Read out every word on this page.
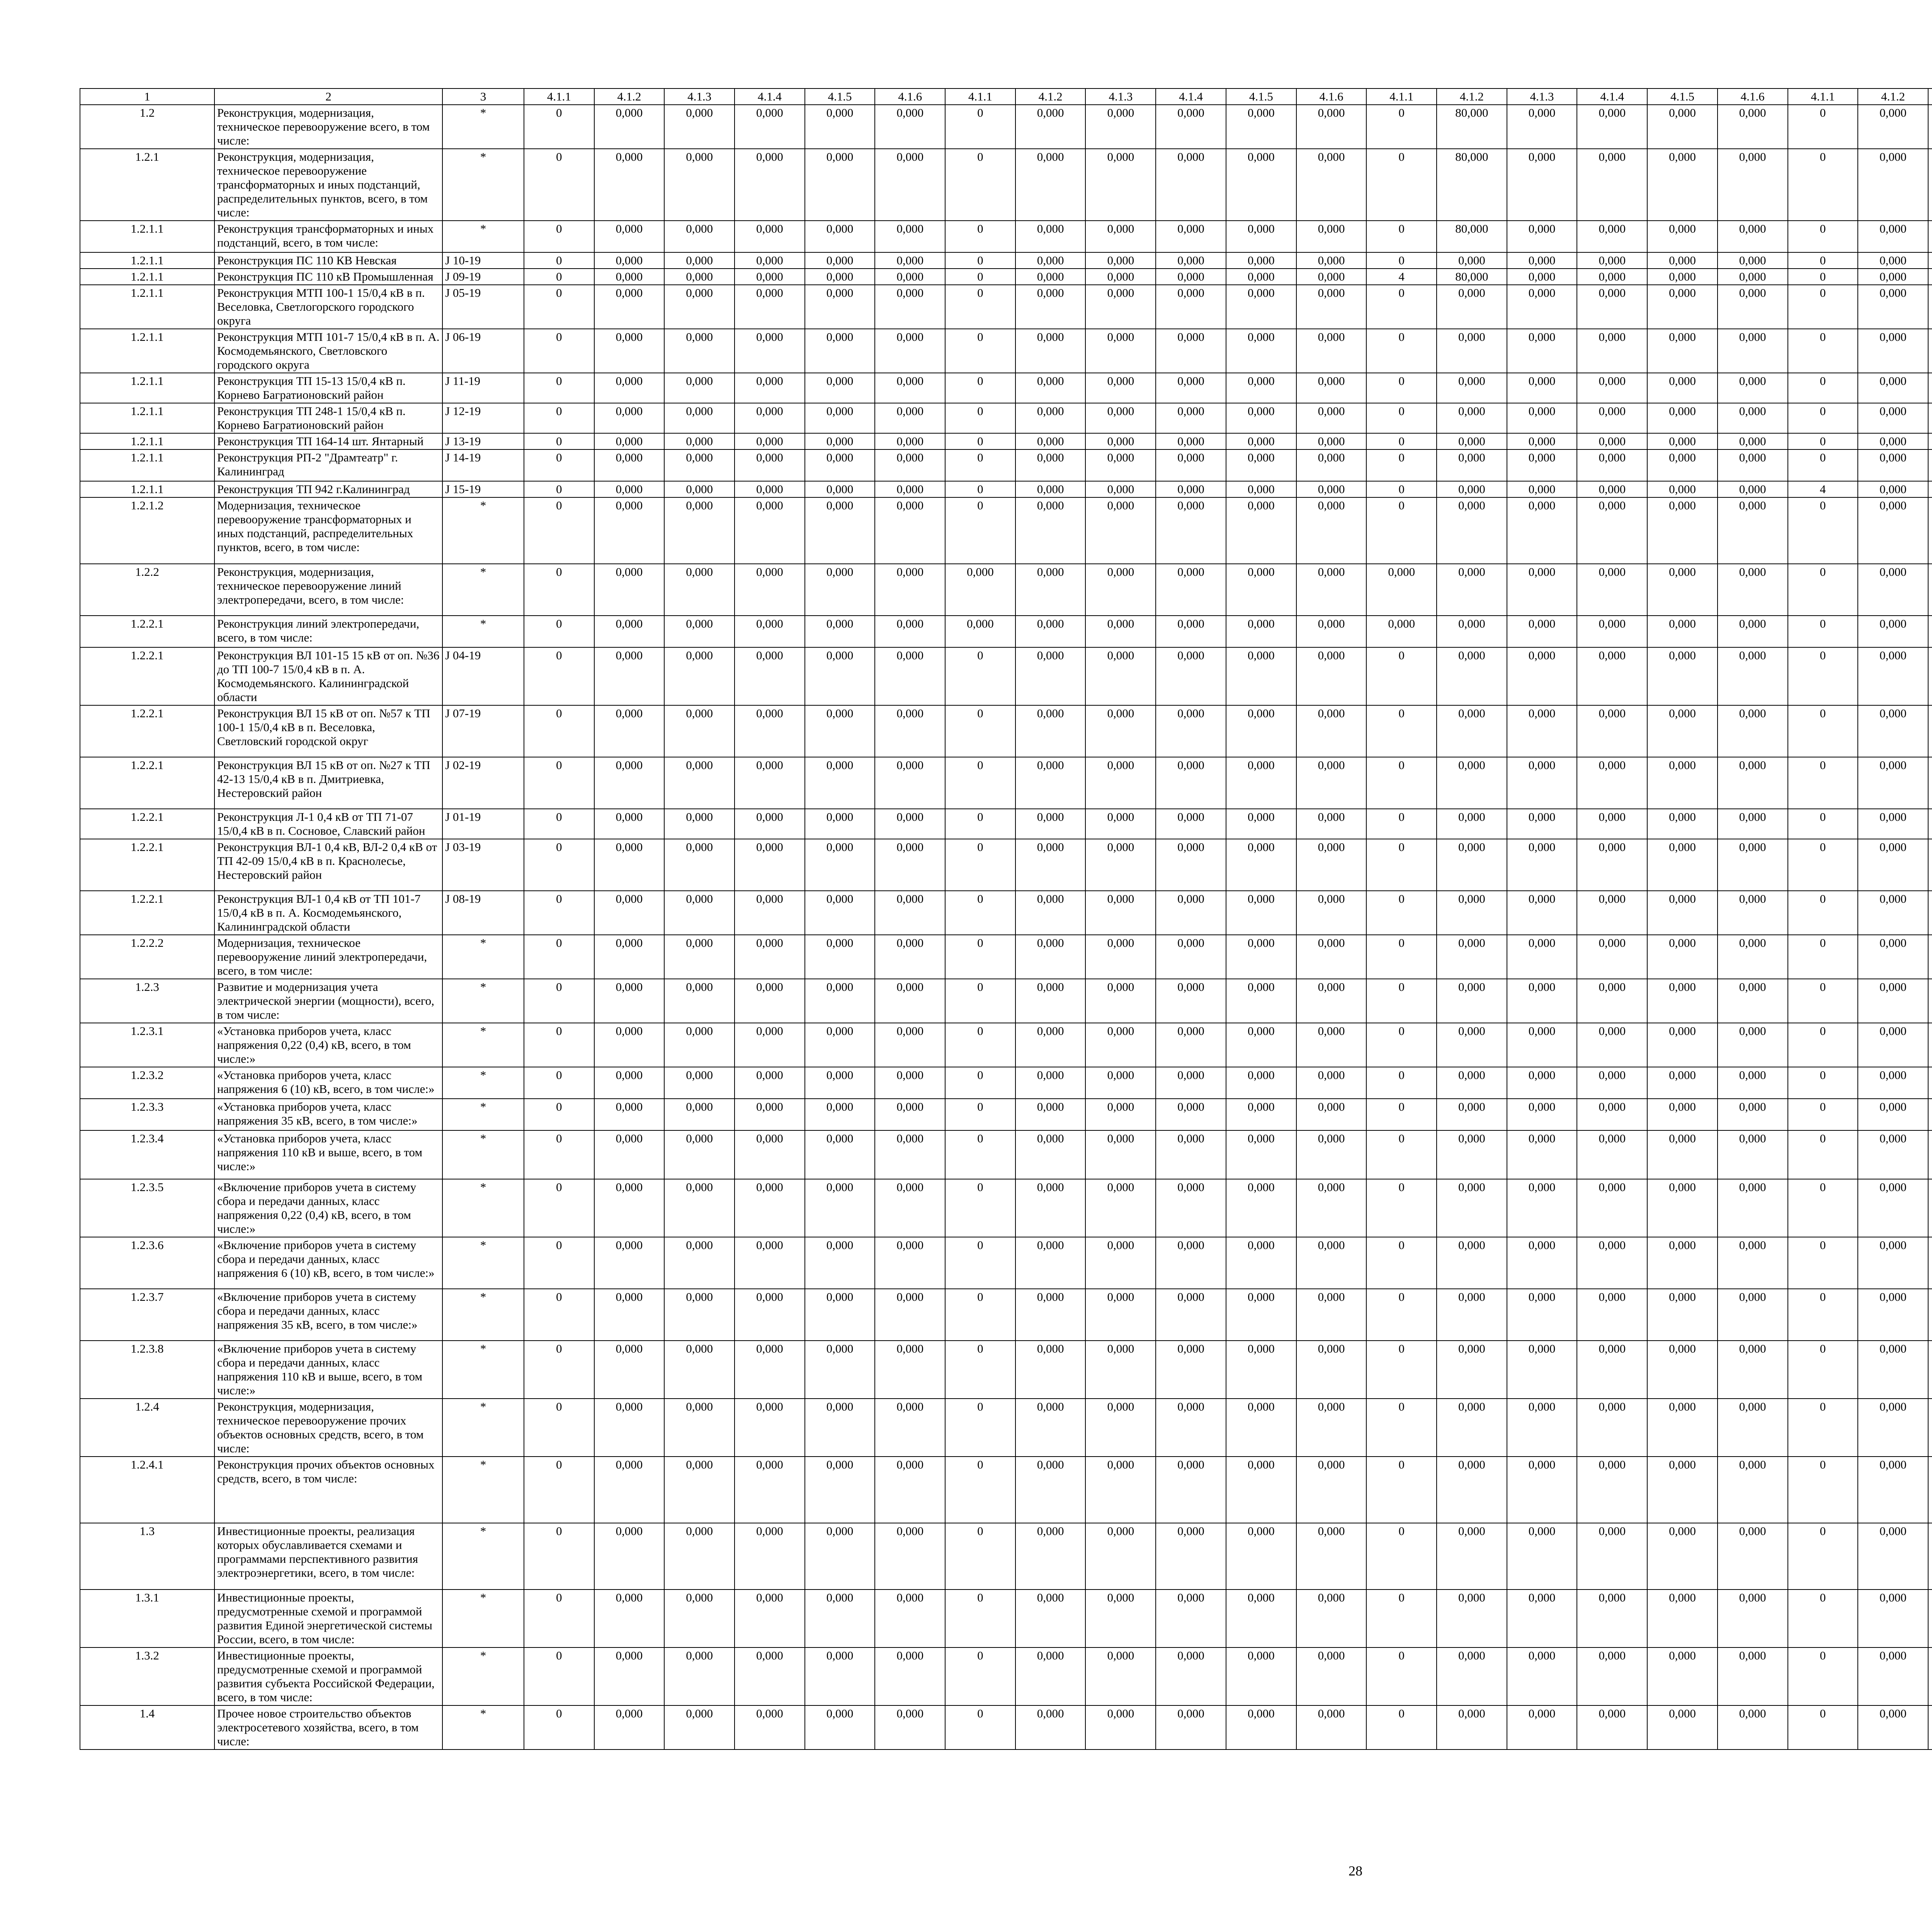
1	2	3	4.1.1	4.1.2	4.1.3	4.1.4	4.1.5	4.1.6	4.1.1	4.1.2	4.1.3	4.1.4	4.1.5	4.1.6	4.1.1	4.1.2	4.1.3	4.1.4	4.1.5	4.1.6	4.1.1	4.1.2										
1.2	Реконструкция, модернизация, техническое перевооружение всего, в том числе:	*	0	0,000	0,000	0,000	0,000	0,000	0	0,000	0,000	0,000	0,000	0,000	0	80,000	0,000	0,000	0,000	0,000	0	0,000										
1.2.1	Реконструкция, модернизация, техническое перевооружение трансформаторных и иных подстанций, распределительных пунктов, всего, в том числе:	*	0	0,000	0,000	0,000	0,000	0,000	0	0,000	0,000	0,000	0,000	0,000	0	80,000	0,000	0,000	0,000	0,000	0	0,000										
1.2.1.1	Реконструкция трансформаторных и иных подстанций, всего, в том числе:	*	0	0,000	0,000	0,000	0,000	0,000	0	0,000	0,000	0,000	0,000	0,000	0	80,000	0,000	0,000	0,000	0,000	0	0,000										
1.2.1.1	Реконструкция ПС 110 КВ Невская	J 10-19	0	0,000	0,000	0,000	0,000	0,000	0	0,000	0,000	0,000	0,000	0,000	0	0,000	0,000	0,000	0,000	0,000	0	0,000										
1.2.1.1	Реконструкция ПС 110 кВ Промышленная	J 09-19	0	0,000	0,000	0,000	0,000	0,000	0	0,000	0,000	0,000	0,000	0,000	4	80,000	0,000	0,000	0,000	0,000	0	0,000										
1.2.1.1	Реконструкция МТП 100-1 15/0,4 кВ в п. Веселовка, Светлогорского городского округа	J 05-19	0	0,000	0,000	0,000	0,000	0,000	0	0,000	0,000	0,000	0,000	0,000	0	0,000	0,000	0,000	0,000	0,000	0	0,000										
1.2.1.1	Реконструкция МТП 101-7 15/0,4 кВ в п. А. Космодемьянского, Светловского городского округа	J 06-19	0	0,000	0,000	0,000	0,000	0,000	0	0,000	0,000	0,000	0,000	0,000	0	0,000	0,000	0,000	0,000	0,000	0	0,000										
1.2.1.1	Реконструкция ТП 15-13 15/0,4 кВ п. Корнево Багратионовский район	J 11-19	0	0,000	0,000	0,000	0,000	0,000	0	0,000	0,000	0,000	0,000	0,000	0	0,000	0,000	0,000	0,000	0,000	0	0,000										
1.2.1.1	Реконструкция ТП 248-1 15/0,4 кВ п. Корнево Багратионовский район	J 12-19	0	0,000	0,000	0,000	0,000	0,000	0	0,000	0,000	0,000	0,000	0,000	0	0,000	0,000	0,000	0,000	0,000	0	0,000										
1.2.1.1	Реконструкция ТП 164-14 шт. Янтарный	J 13-19	0	0,000	0,000	0,000	0,000	0,000	0	0,000	0,000	0,000	0,000	0,000	0	0,000	0,000	0,000	0,000	0,000	0	0,000										
1.2.1.1	Реконструкция РП-2 "Драмтеатр" г. Калининград	J 14-19	0	0,000	0,000	0,000	0,000	0,000	0	0,000	0,000	0,000	0,000	0,000	0	0,000	0,000	0,000	0,000	0,000	0	0,000										
1.2.1.1	Реконструкция ТП 942 г.Калининград	J 15-19	0	0,000	0,000	0,000	0,000	0,000	0	0,000	0,000	0,000	0,000	0,000	0	0,000	0,000	0,000	0,000	0,000	4	0,000										
1.2.1.2	Модернизация, техническое перевооружение трансформаторных и иных подстанций, распределительных пунктов, всего, в том числе:	*	0	0,000	0,000	0,000	0,000	0,000	0	0,000	0,000	0,000	0,000	0,000	0	0,000	0,000	0,000	0,000	0,000	0	0,000										
1.2.2	Реконструкция, модернизация, техническое перевооружение линий электропередачи, всего, в том числе:	*	0	0,000	0,000	0,000	0,000	0,000	0,000	0,000	0,000	0,000	0,000	0,000	0,000	0,000	0,000	0,000	0,000	0,000	0	0,000										
1.2.2.1	Реконструкция линий электропередачи, всего, в том числе:	*	0	0,000	0,000	0,000	0,000	0,000	0,000	0,000	0,000	0,000	0,000	0,000	0,000	0,000	0,000	0,000	0,000	0,000	0	0,000										
1.2.2.1	Реконструкция ВЛ 101-15 15 кВ от оп. №36 до ТП 100-7 15/0,4 кВ в п. А. Космодемьянского. Калининградской области	J 04-19	0	0,000	0,000	0,000	0,000	0,000	0	0,000	0,000	0,000	0,000	0,000	0	0,000	0,000	0,000	0,000	0,000	0	0,000										
1.2.2.1	Реконструкция ВЛ 15 кВ от оп. №57 к ТП 100-1 15/0,4 кВ в п. Веселовка, Светловский городской округ	J 07-19	0	0,000	0,000	0,000	0,000	0,000	0	0,000	0,000	0,000	0,000	0,000	0	0,000	0,000	0,000	0,000	0,000	0	0,000										
1.2.2.1	Реконструкция ВЛ 15 кВ от оп. №27 к ТП 42-13 15/0,4 кВ в п. Дмитриевка, Нестеровский район	J 02-19	0	0,000	0,000	0,000	0,000	0,000	0	0,000	0,000	0,000	0,000	0,000	0	0,000	0,000	0,000	0,000	0,000	0	0,000										
1.2.2.1	Реконструкция Л-1 0,4 кВ от ТП 71-07 15/0,4 кВ в п. Сосновое, Славский район	J 01-19	0	0,000	0,000	0,000	0,000	0,000	0	0,000	0,000	0,000	0,000	0,000	0	0,000	0,000	0,000	0,000	0,000	0	0,000										
1.2.2.1	Реконструкция ВЛ-1 0,4 кВ, ВЛ-2 0,4 кВ от ТП 42-09 15/0,4 кВ в п. Краснолесье, Нестеровский район	J 03-19	0	0,000	0,000	0,000	0,000	0,000	0	0,000	0,000	0,000	0,000	0,000	0	0,000	0,000	0,000	0,000	0,000	0	0,000										
1.2.2.1	Реконструкция ВЛ-1 0,4 кВ от ТП 101-7 15/0,4 кВ в п. А. Космодемьянского, Калининградской области	J 08-19	0	0,000	0,000	0,000	0,000	0,000	0	0,000	0,000	0,000	0,000	0,000	0	0,000	0,000	0,000	0,000	0,000	0	0,000										
1.2.2.2	Модернизация, техническое перевооружение линий электропередачи, всего, в том числе:	*	0	0,000	0,000	0,000	0,000	0,000	0	0,000	0,000	0,000	0,000	0,000	0	0,000	0,000	0,000	0,000	0,000	0	0,000										
1.2.3	Развитие и модернизация учета электрической энергии (мощности), всего, в том числе:	*	0	0,000	0,000	0,000	0,000	0,000	0	0,000	0,000	0,000	0,000	0,000	0	0,000	0,000	0,000	0,000	0,000	0	0,000										
1.2.3.1	«Установка приборов учета, класс напряжения 0,22 (0,4) кВ, всего, в том числе:»	*	0	0,000	0,000	0,000	0,000	0,000	0	0,000	0,000	0,000	0,000	0,000	0	0,000	0,000	0,000	0,000	0,000	0	0,000										
1.2.3.2	«Установка приборов учета, класс напряжения 6 (10) кВ, всего, в том числе:»	*	0	0,000	0,000	0,000	0,000	0,000	0	0,000	0,000	0,000	0,000	0,000	0	0,000	0,000	0,000	0,000	0,000	0	0,000										
1.2.3.3	«Установка приборов учета, класс напряжения 35 кВ, всего, в том числе:»	*	0	0,000	0,000	0,000	0,000	0,000	0	0,000	0,000	0,000	0,000	0,000	0	0,000	0,000	0,000	0,000	0,000	0	0,000										
1.2.3.4	«Установка приборов учета, класс напряжения 110 кВ и выше, всего, в том числе:»	*	0	0,000	0,000	0,000	0,000	0,000	0	0,000	0,000	0,000	0,000	0,000	0	0,000	0,000	0,000	0,000	0,000	0	0,000										
1.2.3.5	«Включение приборов учета в систему сбора и передачи данных, класс напряжения 0,22 (0,4) кВ, всего, в том числе:»	*	0	0,000	0,000	0,000	0,000	0,000	0	0,000	0,000	0,000	0,000	0,000	0	0,000	0,000	0,000	0,000	0,000	0	0,000										
1.2.3.6	«Включение приборов учета в систему сбора и передачи данных, класс напряжения 6 (10) кВ, всего, в том числе:»	*	0	0,000	0,000	0,000	0,000	0,000	0	0,000	0,000	0,000	0,000	0,000	0	0,000	0,000	0,000	0,000	0,000	0	0,000										
1.2.3.7	«Включение приборов учета в систему сбора и передачи данных, класс напряжения 35 кВ, всего, в том числе:»	*	0	0,000	0,000	0,000	0,000	0,000	0	0,000	0,000	0,000	0,000	0,000	0	0,000	0,000	0,000	0,000	0,000	0	0,000										
1.2.3.8	«Включение приборов учета в систему сбора и передачи данных, класс напряжения 110 кВ и выше, всего, в том числе:»	*	0	0,000	0,000	0,000	0,000	0,000	0	0,000	0,000	0,000	0,000	0,000	0	0,000	0,000	0,000	0,000	0,000	0	0,000										
1.2.4	Реконструкция, модернизация, техническое перевооружение прочих объектов основных средств, всего, в том числе:	*	0	0,000	0,000	0,000	0,000	0,000	0	0,000	0,000	0,000	0,000	0,000	0	0,000	0,000	0,000	0,000	0,000	0	0,000										
1.2.4.1	Реконструкция прочих объектов основных средств, всего, в том числе:	*	0	0,000	0,000	0,000	0,000	0,000	0	0,000	0,000	0,000	0,000	0,000	0	0,000	0,000	0,000	0,000	0,000	0	0,000										
1.3	Инвестиционные проекты, реализация которых обуславливается схемами и программами перспективного развития электроэнергетики, всего, в том числе:	*	0	0,000	0,000	0,000	0,000	0,000	0	0,000	0,000	0,000	0,000	0,000	0	0,000	0,000	0,000	0,000	0,000	0	0,000										
1.3.1	Инвестиционные проекты, предусмотренные схемой и программой развития Единой энергетической системы России, всего, в том числе:	*	0	0,000	0,000	0,000	0,000	0,000	0	0,000	0,000	0,000	0,000	0,000	0	0,000	0,000	0,000	0,000	0,000	0	0,000										
1.3.2	Инвестиционные проекты, предусмотренные схемой и программой развития субъекта Российской Федерации, всего, в том числе:	*	0	0,000	0,000	0,000	0,000	0,000	0	0,000	0,000	0,000	0,000	0,000	0	0,000	0,000	0,000	0,000	0,000	0	0,000										
1.4	Прочее новое строительство объектов электросетевого хозяйства, всего, в том числе:	*	0	0,000	0,000	0,000	0,000	0,000	0	0,000	0,000	0,000	0,000	0,000	0	0,000	0,000	0,000	0,000	0,000	0	0,000										
28
